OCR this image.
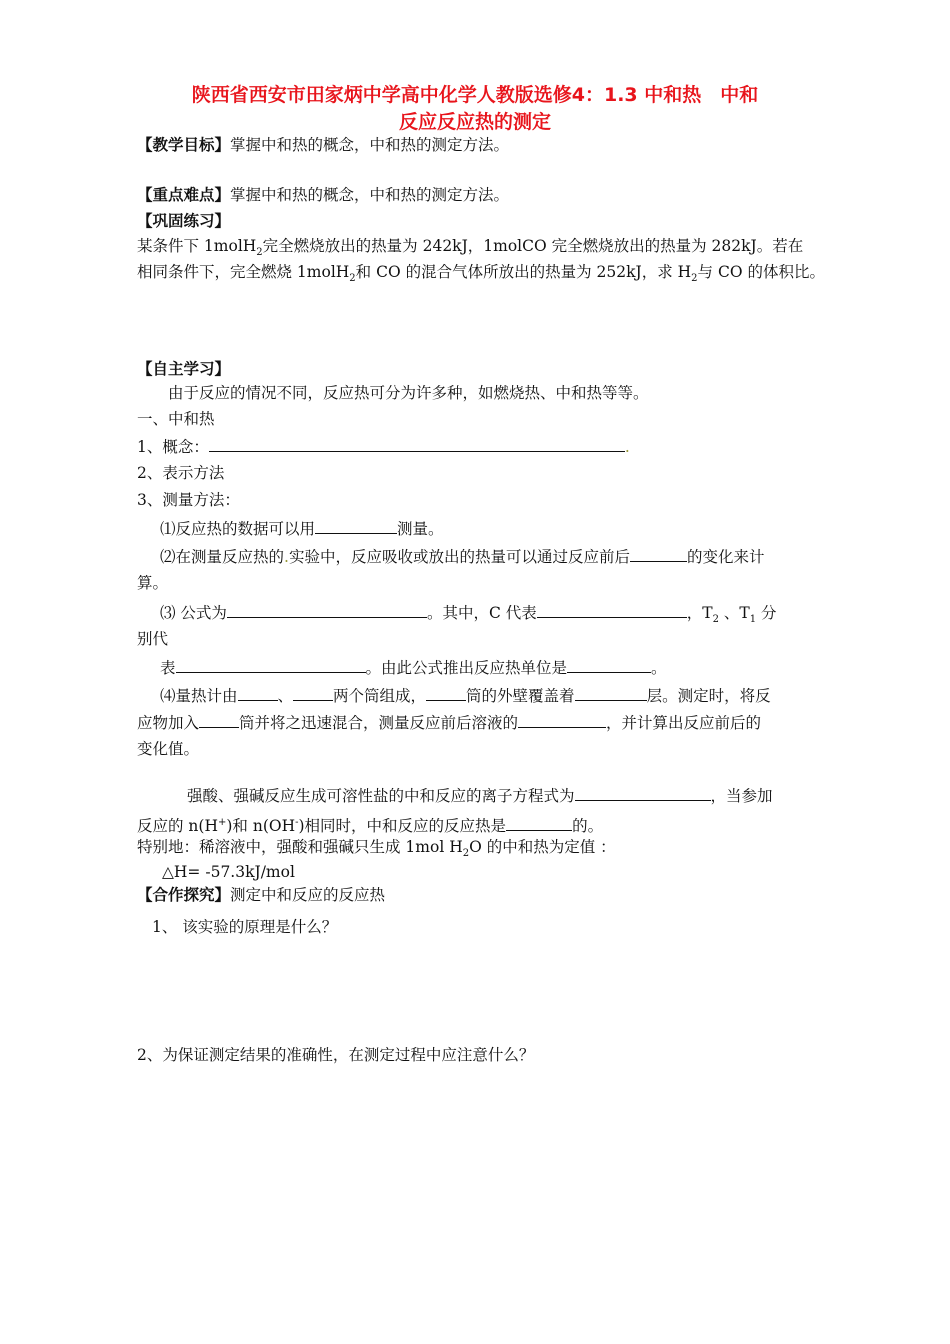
陕西省西安市田家炳中学高中化学人教版选修4：1.3 中和热　中和
反应反应热的测定
【教学目标】掌握中和热的概念，中和热的测定方法。
【重点难点】掌握中和热的概念，中和热的测定方法。
【巩固练习】
某条件下 1molH$_2$完全燃烧放出的热量为 242kJ，1molCO 完全燃烧放出的热量为 282kJ。若在
相同条件下，完全燃烧 1molH$_2$和 CO 的混合气体所放出的热量为 252kJ，求 $H_2$与 CO 的体积比。
【自主学习】
由于反应的情况不同，反应热可分为许多种，如燃烧热、中和热等等。
一、中和热
1、概念：	.
2、表示方法
3、测量方法：
⑴反应热的数据可以用	测量。
⑵在测量反应热的.实验中，反应吸收或放出的热量可以通过反应前后	的变化来计
算。
⑶ 公式为	。其中，C 代表	，$T_2$ 、$T_1$ 分
别代
表	。由此公式推出反应热单位是	。
⑷量热计由	、	两个筒组成，	筒的外壁覆盖着	层。测定时，将反
应物加入	筒并将之迅速混合，测量反应前后溶液的	，并计算出反应前后的
变化值。
强酸、强碱反应生成可溶性盐的中和反应的离子方程式为	，当参加
反应的 n(H+)和 n(OH-)相同时，中和反应的反应热是	的。
特别地：稀溶液中，强酸和强碱只生成 1mol $H_2O$ 的中和热为定值 ：
△H= -57.3kJ/mol
【合作探究】测定中和反应的反应热
1、 该实验的原理是什么？
2、为保证测定结果的准确性，在测定过程中应注意什么？
